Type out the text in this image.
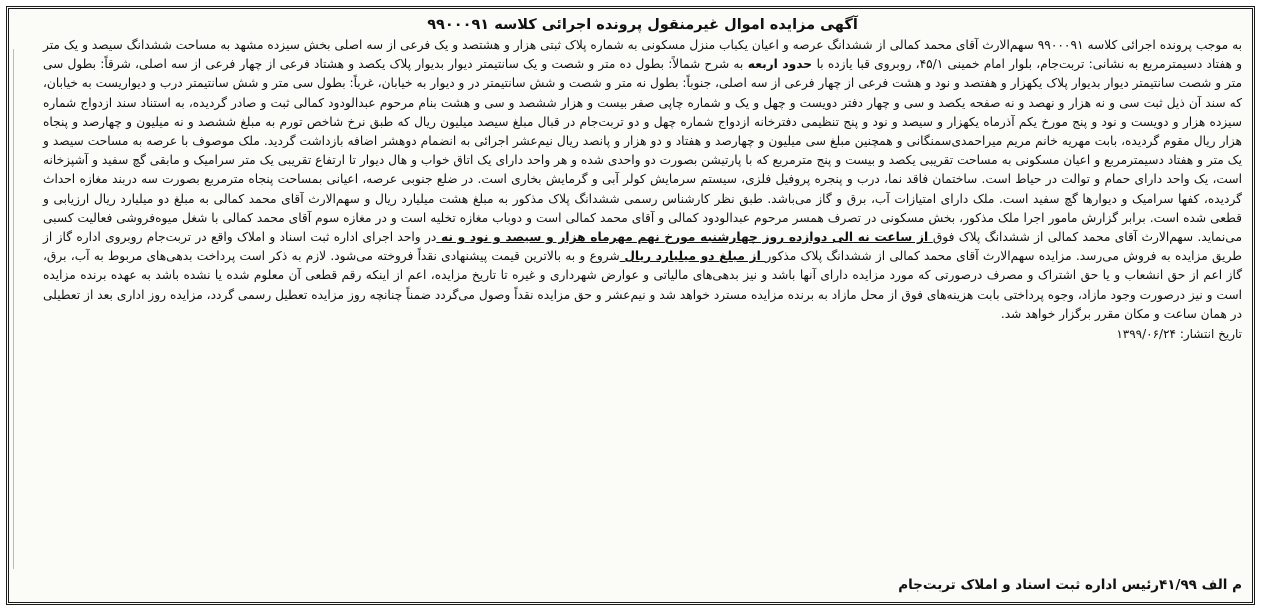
آگهی مزایده اموال غیرمنقول پرونده اجرائی کلاسه ۹۹۰۰۰۹۱

به موجب پرونده اجرائی کلاسه ۹۹۰۰۰۹۱ سهم‌الارث آقای محمد کمالی از ششدانگ عرصه و اعیان یکباب منزل مسکونی به شماره پلاک ثبتی هزار و هشتصد و یک فرعی از سه اصلی بخش سیزده مشهد به مساحت ششدانگ سیصد و یک متر و هفتاد دسیمترمربع به نشانی: تربت‌جام، بلوار امام خمینی ۴۵/۱، روبروی قبا یازده با حدود اربعه به شرح شمالاً: بطول ده متر و شصت و یک سانتیمتر دیوار بدیوار پلاک یکصد و هشتاد فرعی از چهار فرعی از سه اصلی، شرقاً: بطول سی متر و شصت سانتیمتر دیوار بدیوار پلاک یکهزار و هفتصد و نود و هشت فرعی از چهار فرعی از سه اصلی، جنوباً: بطول نه متر و شصت و شش سانتیمتر در و دیوار به خیابان، غرباً: بطول سی متر و شش سانتیمتر درب و دیواریست به خیابان، که سند آن ذیل ثبت سی و نه هزار و نهصد و نه صفحه یکصد و سی و چهار دفتر دویست و چهل و یک و شماره چاپی صفر بیست و هزار ششصد و سی و هشت بنام مرحوم عبدالودود کمالی ثبت و صادر گردیده، به استناد سند ازدواج شماره سیزده هزار و دویست و نود و پنج مورخ یکم آذرماه یکهزار و سیصد و نود و پنج تنظیمی دفترخانه ازدواج شماره چهل و دو تربت‌جام در قبال مبلغ سیصد میلیون ریال که طبق نرخ شاخص تورم به مبلغ ششصد و نه میلیون و چهارصد و پنجاه هزار ریال مقوم گردیده، بابت مهریه خانم مریم میراحمدی‌سمنگانی و همچنین مبلغ سی میلیون و چهارصد و هفتاد و دو هزار و پانصد ریال نیم‌عشر اجرائی به انضمام دوهشر اضافه بازداشت گردید. ملک موصوف با عرصه به مساحت سیصد و یک متر و هفتاد دسیمترمربع و اعیان مسکونی به مساحت تقریبی یکصد و بیست و پنج مترمربع که با پارتیشن بصورت دو واحدی شده و هر واحد دارای یک اتاق خواب و هال دیوار تا ارتفاع تقریبی یک متر سرامیک و مابقی گچ سفید و آشپزخانه است، یک واحد دارای حمام و توالت در حیاط است. ساختمان فاقد نما، درب و پنجره پروفیل فلزی، سیستم سرمایش کولر آبی و گرمایش بخاری است. در ضلع جنوبی عرصه، اعیانی بمساحت پنجاه مترمربع بصورت سه دربند مغازه احداث گردیده، کفها سرامیک و دیوارها گچ سفید است. ملک دارای امتیازات آب، برق و گاز می‌باشد. طبق نظر کارشناس رسمی ششدانگ پلاک مذکور به مبلغ هشت میلیارد ریال و سهم‌الارث آقای محمد کمالی به مبلغ دو میلیارد ریال ارزیابی و قطعی شده است. برابر گزارش مامور اجرا ملک مذکور، بخش مسکونی در تصرف همسر مرحوم عبدالودود کمالی و آقای محمد کمالی است و دوباب مغازه تخلیه است و در مغازه سوم آقای محمد کمالی با شغل میوه‌فروشی فعالیت کسبی می‌نماید. سهم‌الارث آقای محمد کمالی از ششدانگ پلاک فوق از ساعت نه الی دوازده روز چهارشنبه مورخ نهم مهرماه هزار و سیصد و نود و نه در واحد اجرای اداره ثبت اسناد و املاک واقع در تربت‌جام روبروی اداره گاز از طریق مزایده به فروش می‌رسد. مزایده سهم‌الارث آقای محمد کمالی از ششدانگ پلاک مذکور از مبلغ دو میلیارد ریال شروع و به بالاترین قیمت پیشنهادی نقداً فروخته می‌شود. لازم به ذکر است پرداخت بدهی‌های مربوط به آب، برق، گاز اعم از حق انشعاب و یا حق اشتراک و مصرف درصورتی که مورد مزایده دارای آنها باشد و نیز بدهی‌های مالیاتی و عوارض شهرداری و غیره تا تاریخ مزایده، اعم از اینکه رقم قطعی آن معلوم شده یا نشده باشد به عهده برنده مزایده است و نیز درصورت وجود مازاد، وجوه پرداختی بابت هزینه‌های فوق از محل مازاد به برنده مزایده مسترد خواهد شد و نیم‌عشر و حق مزایده نقداً وصول می‌گردد ضمناً چنانچه روز مزایده تعطیل رسمی گردد، مزایده روز اداری بعد از تعطیلی در همان ساعت و مکان مقرر برگزار خواهد شد.

تاریخ انتشار: ۱۳۹۹/۰۶/۲۴
م الف ۴۱/۹۹
رئیس اداره ثبت اسناد و املاک تربت‌جام
